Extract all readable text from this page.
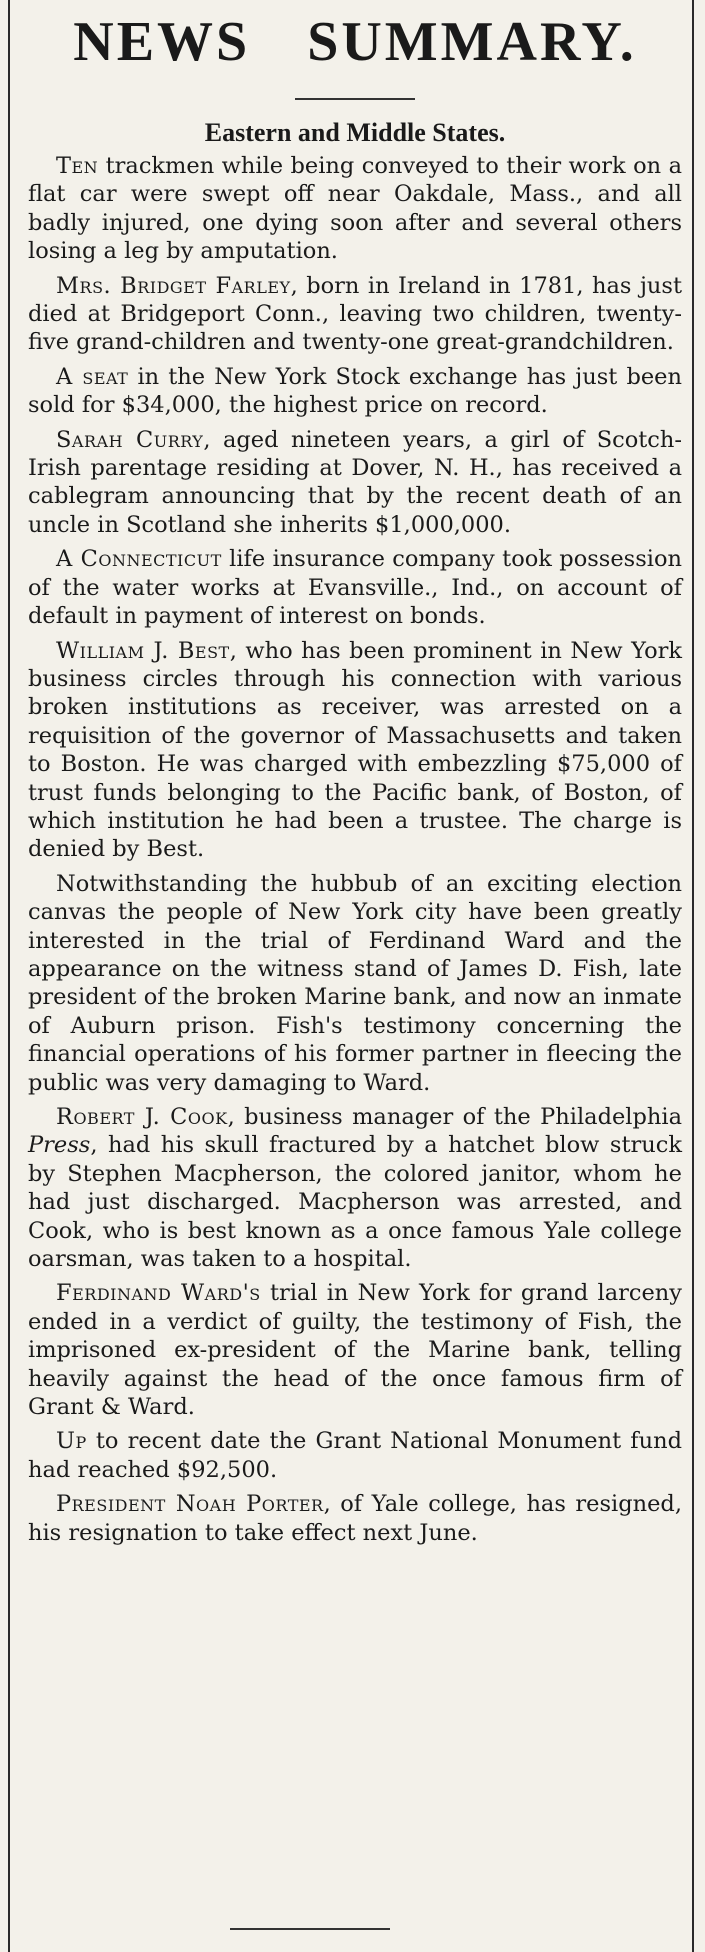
NEWS SUMMARY.
Eastern and Middle States.

Ten trackmen while being conveyed to their work on a flat car were swept off near Oakdale, Mass., and all badly injured, one dying soon after and several others losing a leg by amputation.

Mrs. Bridget Farley, born in Ireland in 1781, has just died at Bridgeport Conn., leaving two children, twenty-five grand-children and twenty-one great-grandchildren.

A seat in the New York Stock exchange has just been sold for $34,000, the highest price on record.

Sarah Curry, aged nineteen years, a girl of Scotch-Irish parentage residing at Dover, N. H., has received a cablegram announcing that by the recent death of an uncle in Scotland she inherits $1,000,000.

A Connecticut life insurance company took possession of the water works at Evansville., Ind., on account of default in payment of interest on bonds.

William J. Best, who has been prominent in New York business circles through his connection with various broken institutions as receiver, was arrested on a requisition of the governor of Massachusetts and taken to Boston. He was charged with embezzling $75,000 of trust funds belonging to the Pacific bank, of Boston, of which institution he had been a trustee. The charge is denied by Best.

Notwithstanding the hubbub of an exciting election canvas the people of New York city have been greatly interested in the trial of Ferdinand Ward and the appearance on the witness stand of James D. Fish, late president of the broken Marine bank, and now an inmate of Auburn prison. Fish's testimony concerning the financial operations of his former partner in fleecing the public was very damaging to Ward.

Robert J. Cook, business manager of the Philadelphia Press, had his skull fractured by a hatchet blow struck by Stephen Macpherson, the colored janitor, whom he had just discharged. Macpherson was arrested, and Cook, who is best known as a once famous Yale college oarsman, was taken to a hospital.

Ferdinand Ward's trial in New York for grand larceny ended in a verdict of guilty, the testimony of Fish, the imprisoned ex-president of the Marine bank, telling heavily against the head of the once famous firm of Grant & Ward.

Up to recent date the Grant National Monument fund had reached $92,500.

President Noah Porter, of Yale college, has resigned, his resignation to take effect next June.
